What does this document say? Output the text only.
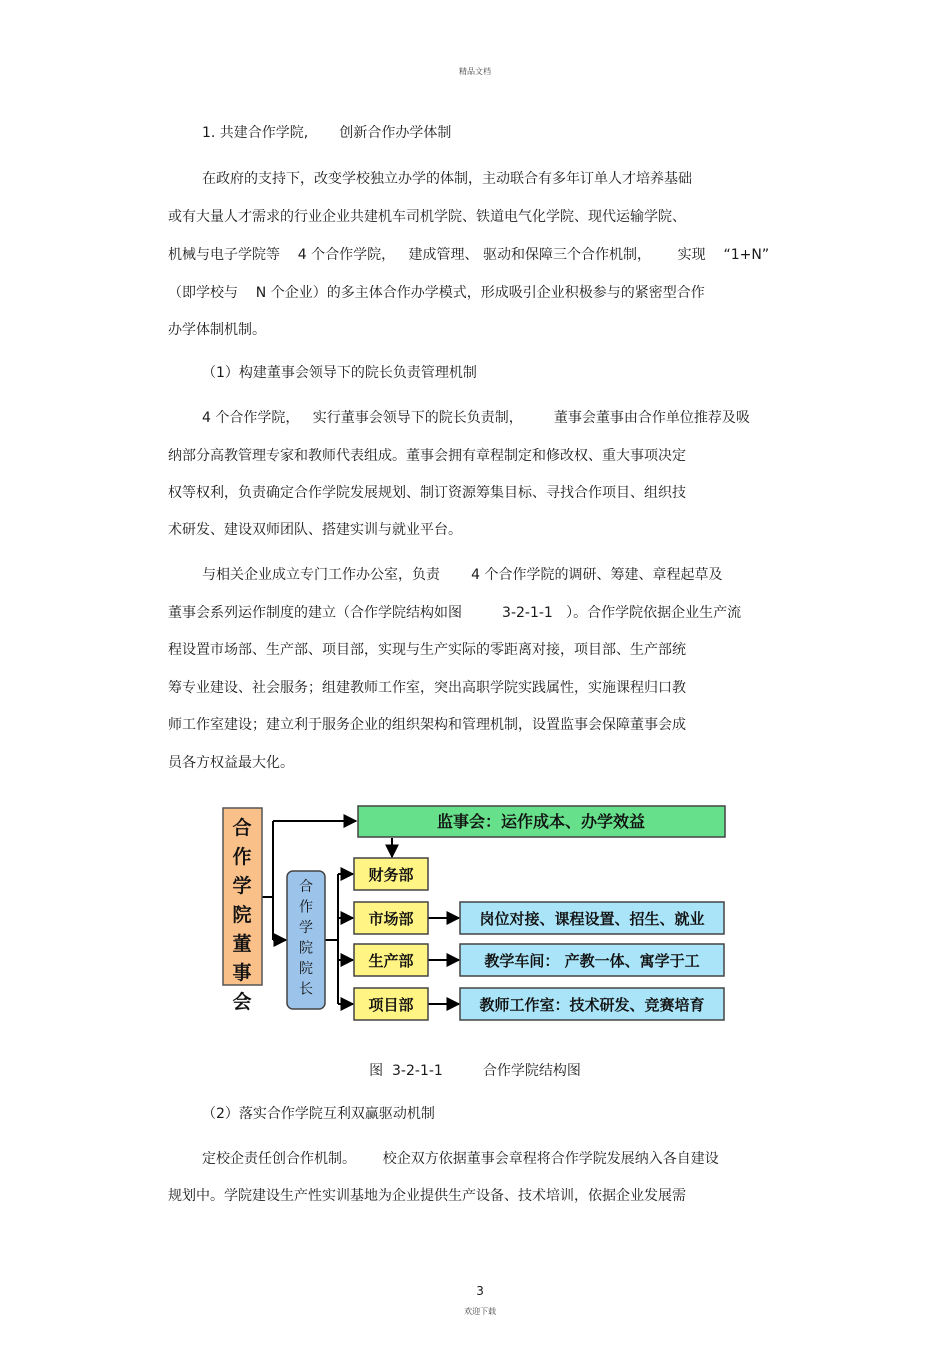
精品文档
1. 共建合作学院,       创新合作办学体制
在政府的支持下，改变学校独立办学的体制，主动联合有多年订单人才培养基础
或有大量人才需求的行业企业共建机车司机学院、铁道电气化学院、现代运输学院、
机械与电子学院等    4 个合作学院，   建成管理、 驱动和保障三个合作机制，      实现    “1+N”
（即学校与    N 个企业）的多主体合作办学模式，形成吸引企业积极参与的紧密型合作
办学体制机制。
（1）构建董事会领导下的院长负责管理机制
4 个合作学院，   实行董事会领导下的院长负责制，       董事会董事由合作单位推荐及吸
纳部分高教管理专家和教师代表组成。董事会拥有章程制定和修改权、重大事项决定
权等权利，负责确定合作学院发展规划、制订资源筹集目标、寻找合作项目、组织技
术研发、建设双师团队、搭建实训与就业平台。
与相关企业成立专门工作办公室，负责       4 个合作学院的调研、筹建、章程起草及
董事会系列运作制度的建立（合作学院结构如图         3-2-1-1   ）。合作学院依据企业生产流
程设置市场部、生产部、项目部，实现与生产实际的零距离对接，项目部、生产部统
筹专业建设、社会服务；组建教师工作室，突出高职学院实践属性，实施课程归口教
师工作室建设；建立利于服务企业的组织架构和管理机制，设置监事会保障董事会成
员各方权益最大化。
合作学院董事会
合作学院院长
监事会：运作成本、办学效益
财务部
市场部
生产部
项目部
岗位对接、课程设置、招生、就业
教学车间： 产教一体、寓学于工
教师工作室：技术研发、竞赛培育
图  3-2-1-1         合作学院结构图
（2）落实合作学院互利双赢驱动机制
定校企责任创合作机制。      校企双方依据董事会章程将合作学院发展纳入各自建设
规划中。学院建设生产性实训基地为企业提供生产设备、技术培训，依据企业发展需

3
欢迎下载
